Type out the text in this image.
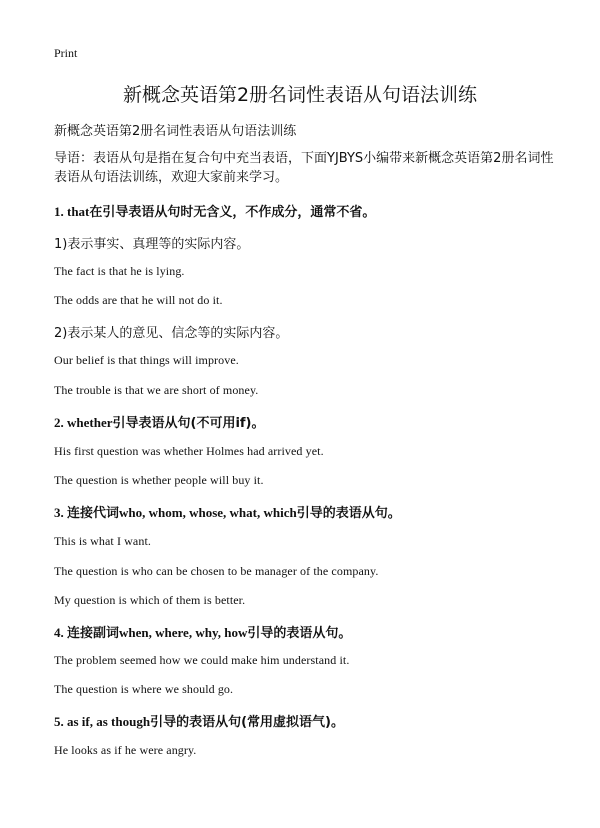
Print
新概念英语第2册名词性表语从句语法训练
新概念英语第2册名词性表语从句语法训练
导语：表语从句是指在复合句中充当表语，下面YJBYS小编带来新概念英语第2册名词性表语从句语法训练，欢迎大家前来学习。
1. that在引导表语从句时无含义，不作成分，通常不省。
1)表示事实、真理等的实际内容。
The fact is that he is lying.
The odds are that he will not do it.
2)表示某人的意见、信念等的实际内容。
Our belief is that things will improve.
The trouble is that we are short of money.
2. whether引导表语从句(不可用if)。
His first question was whether Holmes had arrived yet.
The question is whether people will buy it.
3. 连接代词who, whom, whose, what, which引导的表语从句。
This is what I want.
The question is who can be chosen to be manager of the company.
My question is which of them is better.
4. 连接副词when, where, why, how引导的表语从句。
The problem seemed how we could make him understand it.
The question is where we should go.
5. as if, as though引导的表语从句(常用虚拟语气)。
He looks as if he were angry.
